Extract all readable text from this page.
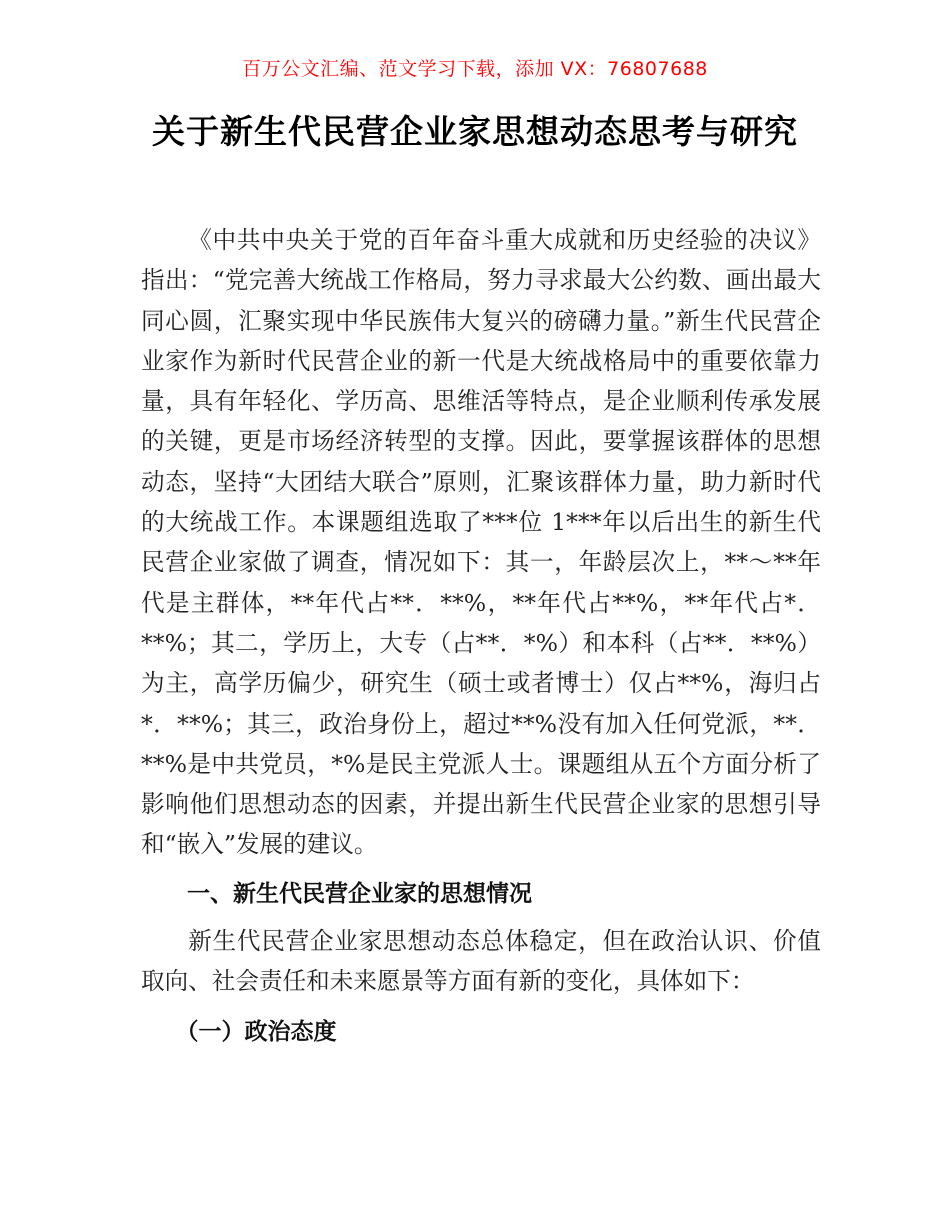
百万公文汇编、范文学习下载，添加 VX：76807688
关于新生代民营企业家思想动态思考与研究

《中共中央关于党的百年奋斗重大成就和历史经验的决议》指出：“党完善大统战工作格局，努力寻求最大公约数、画出最大同心圆，汇聚实现中华民族伟大复兴的磅礴力量。”新生代民营企业家作为新时代民营企业的新一代是大统战格局中的重要依靠力量，具有年轻化、学历高、思维活等特点，是企业顺利传承发展的关键，更是市场经济转型的支撑。因此，要掌握该群体的思想动态，坚持“大团结大联合”原则，汇聚该群体力量，助力新时代的大统战工作。本课题组选取了***位 1***年以后出生的新生代民营企业家做了调查，情况如下：其一，年龄层次上，**～**年代是主群体，**年代占**．**%，**年代占**%，**年代占*．**%；其二，学历上，大专（占**．*%）和本科（占**．**%）为主，高学历偏少，研究生（硕士或者博士）仅占**%，海归占*．**%；其三，政治身份上，超过**%没有加入任何党派，**．**%是中共党员，*%是民主党派人士。课题组从五个方面分析了影响他们思想动态的因素，并提出新生代民营企业家的思想引导和“嵌入”发展的建议。

一、新生代民营企业家的思想情况

新生代民营企业家思想动态总体稳定，但在政治认识、价值取向、社会责任和未来愿景等方面有新的变化，具体如下：

（一）政治态度
